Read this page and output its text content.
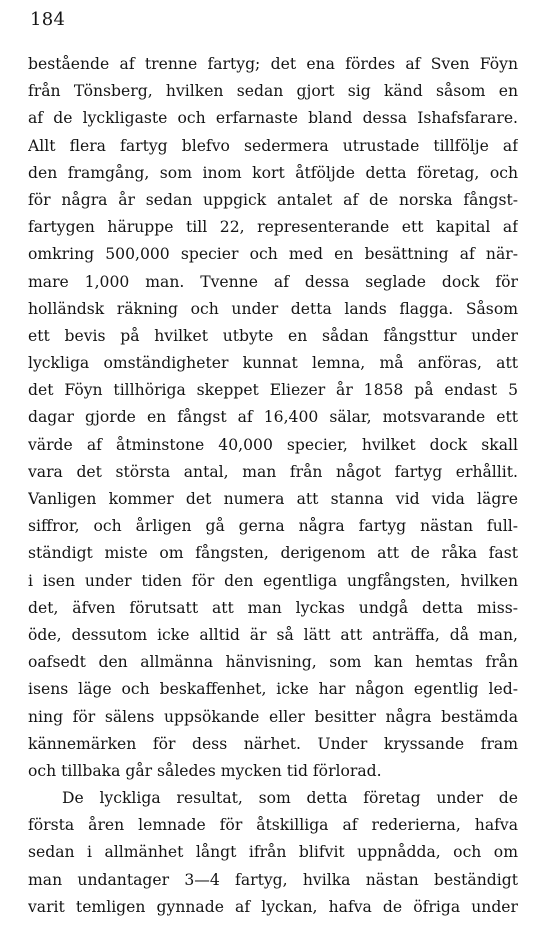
184
bestående af trenne fartyg; det ena fördes af Sven Föyn
från Tönsberg, hvilken sedan gjort sig känd såsom en
af de lyckligaste och erfarnaste bland dessa Ishafsfarare.
Allt flera fartyg blefvo sedermera utrustade tillfölje af
den framgång, som inom kort åtföljde detta företag, och
för några år sedan uppgick antalet af de norska fångst-
fartygen häruppe till 22, representerande ett kapital af
omkring 500,000 specier och med en besättning af när-
mare 1,000 man. Tvenne af dessa seglade dock för
holländsk räkning och under detta lands flagga. Såsom
ett bevis på hvilket utbyte en sådan fångsttur under
lyckliga omständigheter kunnat lemna, må anföras, att
det Föyn tillhöriga skeppet Eliezer år 1858 på endast 5
dagar gjorde en fångst af 16,400 sälar, motsvarande ett
värde af åtminstone 40,000 specier, hvilket dock skall
vara det största antal, man från något fartyg erhållit.
Vanligen kommer det numera att stanna vid vida lägre
siffror, och årligen gå gerna några fartyg nästan full-
ständigt miste om fångsten, derigenom att de råka fast
i isen under tiden för den egentliga ungfångsten, hvilken
det, äfven förutsatt att man lyckas undgå detta miss-
öde, dessutom icke alltid är så lätt att anträffa, då man,
oafsedt den allmänna hänvisning, som kan hemtas från
isens läge och beskaffenhet, icke har någon egentlig led-
ning för sälens uppsökande eller besitter några bestämda
kännemärken för dess närhet. Under kryssande fram
och tillbaka går således mycken tid förlorad.
De lyckliga resultat, som detta företag under de
första åren lemnade för åtskilliga af rederierna, hafva
sedan i allmänhet långt ifrån blifvit uppnådda, och om
man undantager 3—4 fartyg, hvilka nästan beständigt
varit temligen gynnade af lyckan, hafva de öfriga under
